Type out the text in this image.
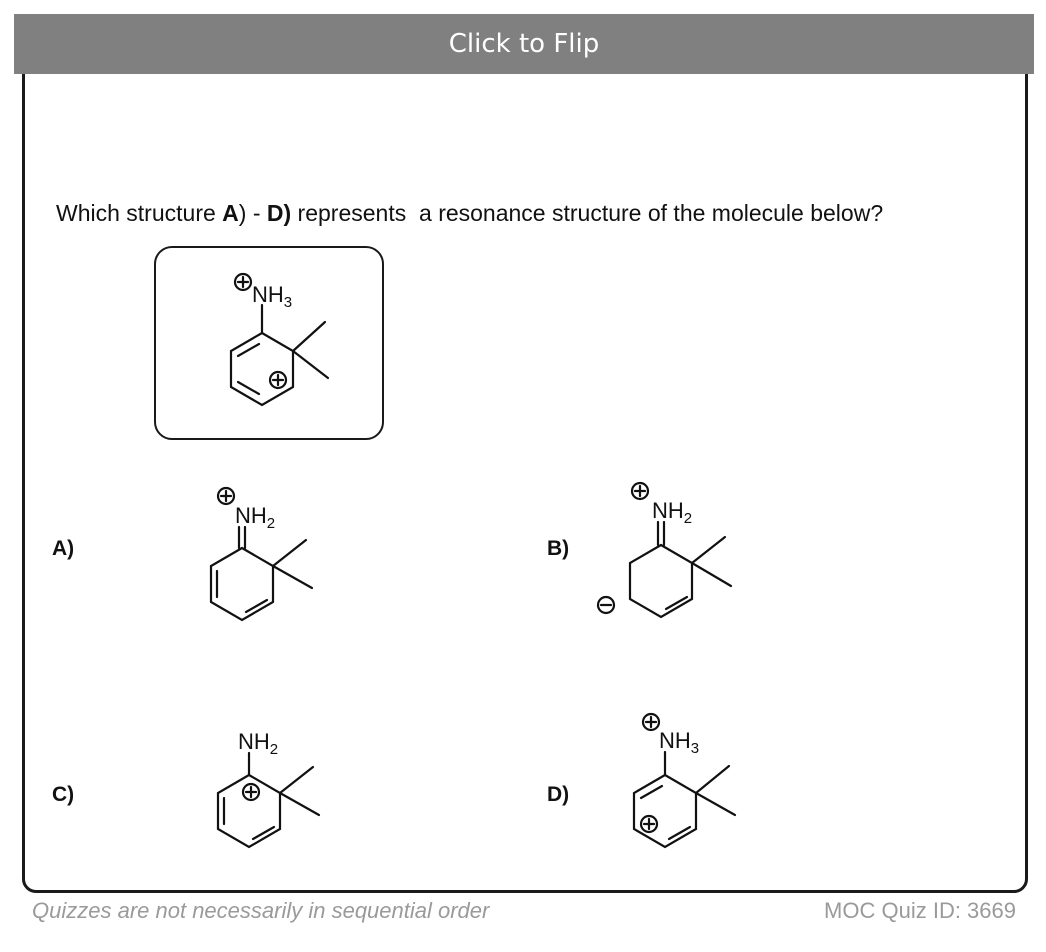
Click to Flip
Which structure A) - D) represents  a resonance structure of the molecule below?
$NH_3$
A)
$NH_2$
B)
$NH_2$
C)
$NH_2$
D)
$NH_3$
Quizzes are not necessarily in sequential order	MOC Quiz ID: 3669
